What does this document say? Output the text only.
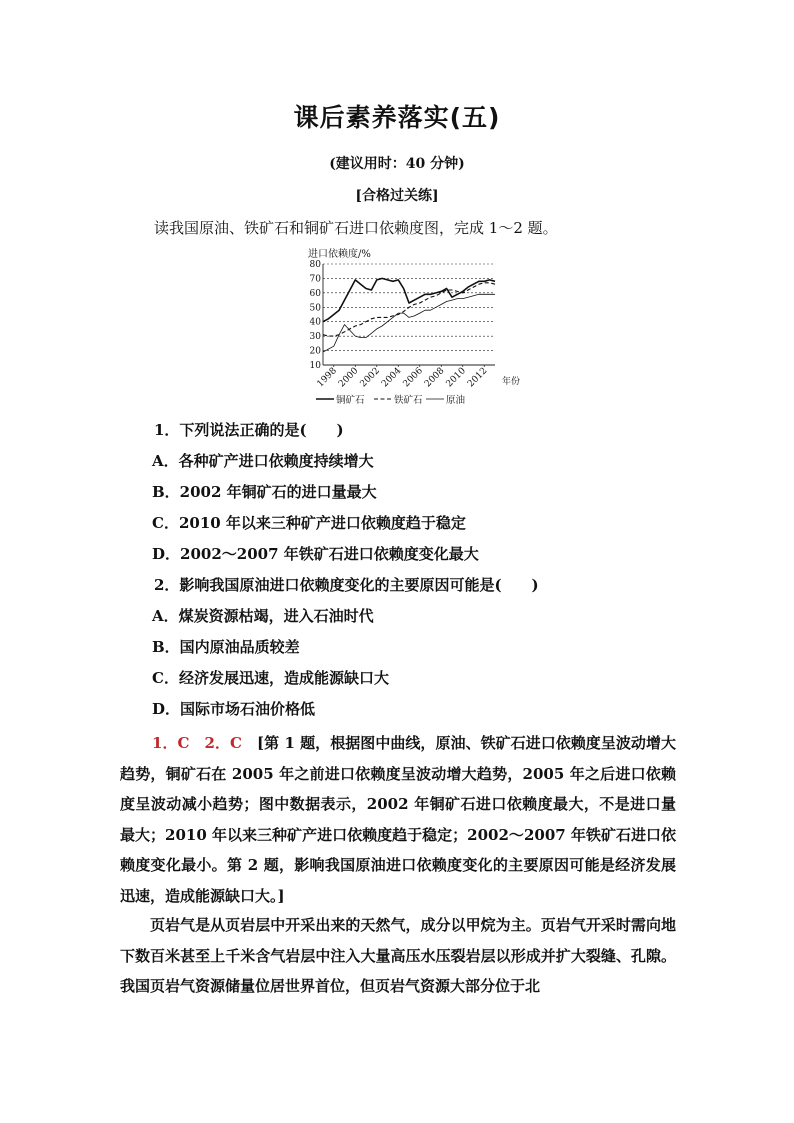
课后素养落实(五)
(建议用时：40 分钟)
[合格过关练]
读我国原油、铁矿石和铜矿石进口依赖度图，完成 1～2 题。
进口依赖度/%
10
20
30
40
50
60
70
80
1998
2000
2002
2004
2006
2008
2010
2012 年份
铜矿石	铁矿石 原油
1．下列说法正确的是(　　)
A．各种矿产进口依赖度持续增大
B．2002 年铜矿石的进口量最大
C．2010 年以来三种矿产进口依赖度趋于稳定
D．2002～2007 年铁矿石进口依赖度变化最大
2．影响我国原油进口依赖度变化的主要原因可能是(　　)
A．煤炭资源枯竭，进入石油时代
B．国内原油品质较差
C．经济发展迅速，造成能源缺口大
D．国际市场石油价格低
1．C　2．C　[第 1 题，根据图中曲线，原油、铁矿石进口依赖度呈波动增大趋势，铜矿石在 2005 年之前进口依赖度呈波动增大趋势，2005 年之后进口依赖度呈波动减小趋势；图中数据表示，2002 年铜矿石进口依赖度最大，不是进口量最大；2010 年以来三种矿产进口依赖度趋于稳定；2002～2007 年铁矿石进口依赖度变化最小。第 2 题，影响我国原油进口依赖度变化的主要原因可能是经济发展迅速，造成能源缺口大。]
页岩气是从页岩层中开采出来的天然气，成分以甲烷为主。页岩气开采时需向地下数百米甚至上千米含气岩层中注入大量高压水压裂岩层以形成并扩大裂缝、孔隙。我国页岩气资源储量位居世界首位，但页岩气资源大部分位于北
